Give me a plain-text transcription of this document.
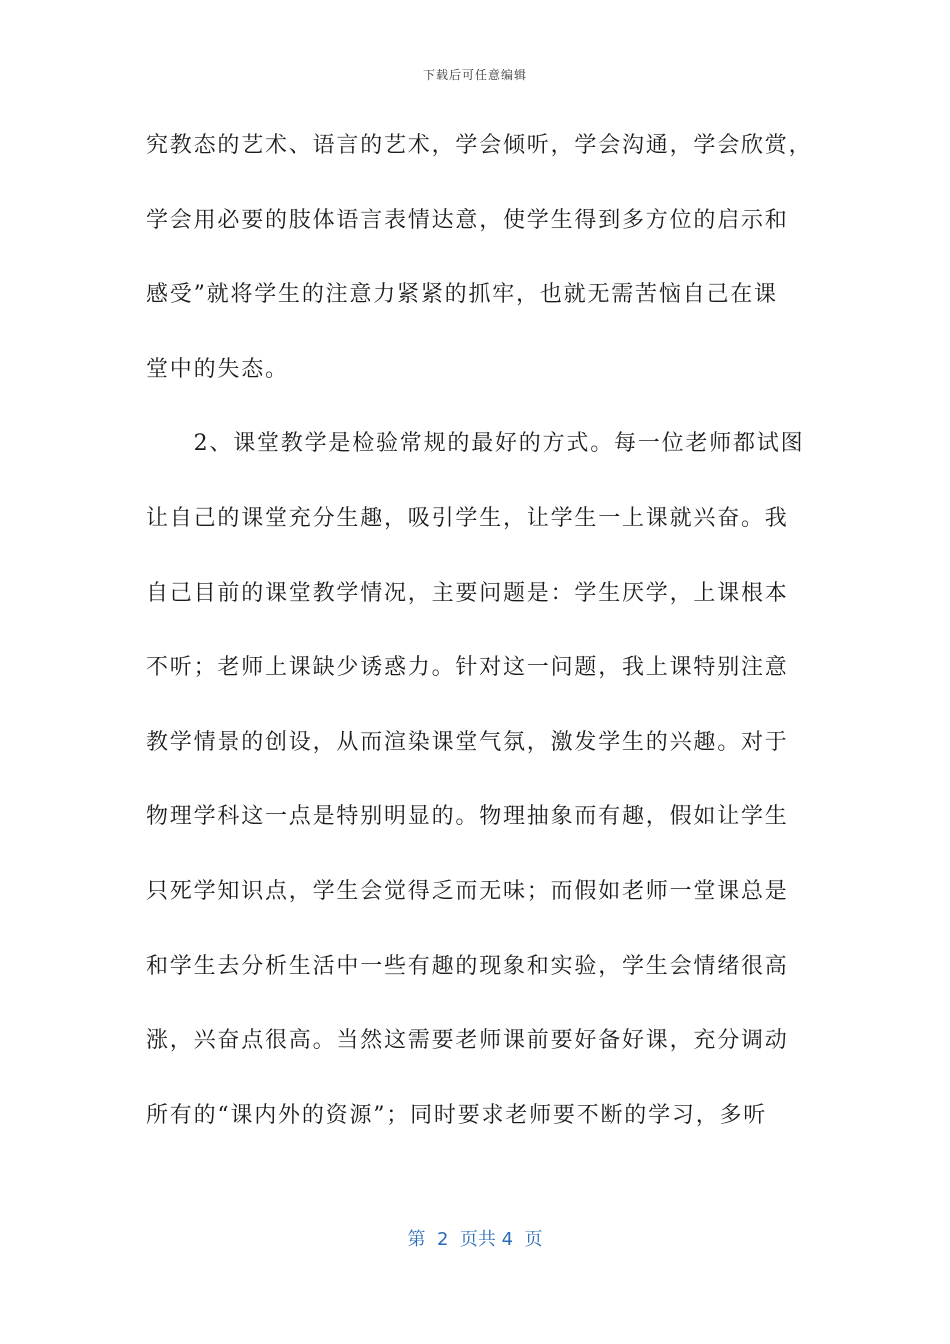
下载后可任意编辑
究教态的艺术、语言的艺术，学会倾听，学会沟通，学会欣赏，
学会用必要的肢体语言表情达意，使学生得到多方位的启示和
感受”就将学生的注意力紧紧的抓牢，也就无需苦恼自己在课
堂中的失态。
　　2、课堂教学是检验常规的最好的方式。每一位老师都试图
让自己的课堂充分生趣，吸引学生，让学生一上课就兴奋。我
自己目前的课堂教学情况，主要问题是：学生厌学，上课根本
不听；老师上课缺少诱惑力。针对这一问题，我上课特别注意
教学情景的创设，从而渲染课堂气氛，激发学生的兴趣。对于
物理学科这一点是特别明显的。物理抽象而有趣，假如让学生
只死学知识点，学生会觉得乏而无味；而假如老师一堂课总是
和学生去分析生活中一些有趣的现象和实验，学生会情绪很高
涨，兴奋点很高。当然这需要老师课前要好备好课，充分调动
所有的“课内外的资源”；同时要求老师要不断的学习，多听
第  2  页共 4  页
